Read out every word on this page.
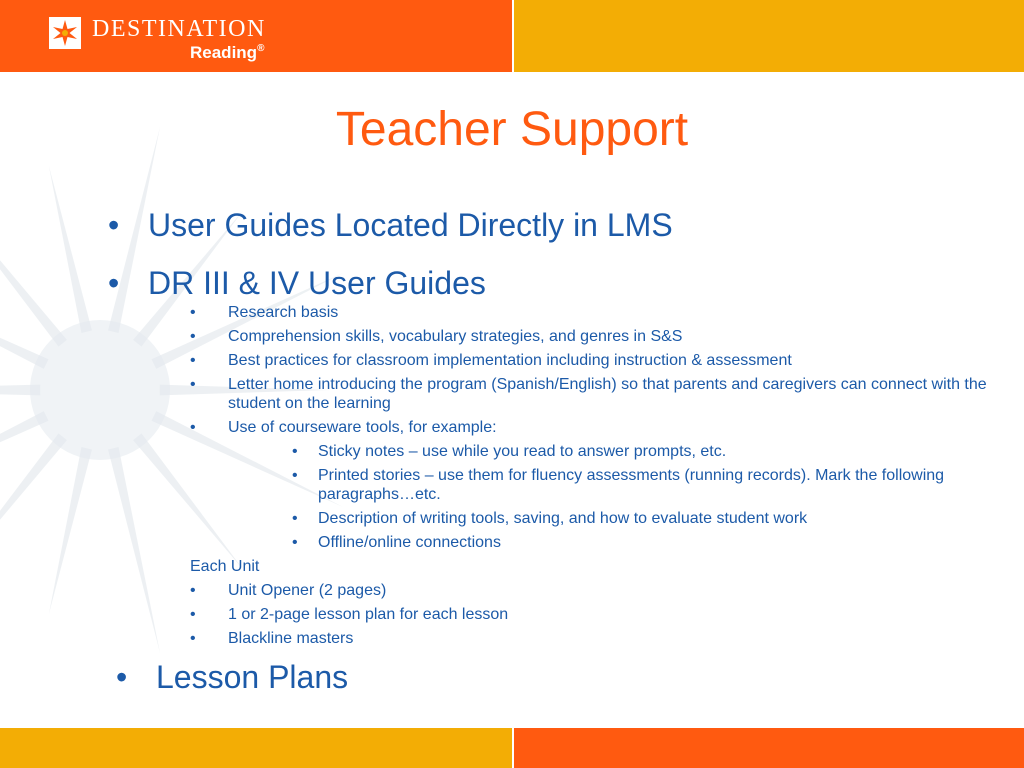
DESTINATION
Reading®
Teacher Support
• User Guides Located Directly in LMS
• DR III & IV User Guides
• Research basis
• Comprehension skills, vocabulary strategies, and genres in S&S
• Best practices for classroom implementation including instruction & assessment
• Letter home introducing the program (Spanish/English) so that parents and caregivers can connect with the student on the learning
• Use of courseware tools, for example:
• Sticky notes – use while you read to answer prompts, etc.
• Printed stories – use them for fluency assessments (running records). Mark the following paragraphs…etc.
• Description of writing tools, saving, and how to evaluate student work
• Offline/online connections
Each Unit
• Unit Opener (2 pages)
• 1 or 2-page lesson plan for each lesson
• Blackline masters
• Lesson Plans
